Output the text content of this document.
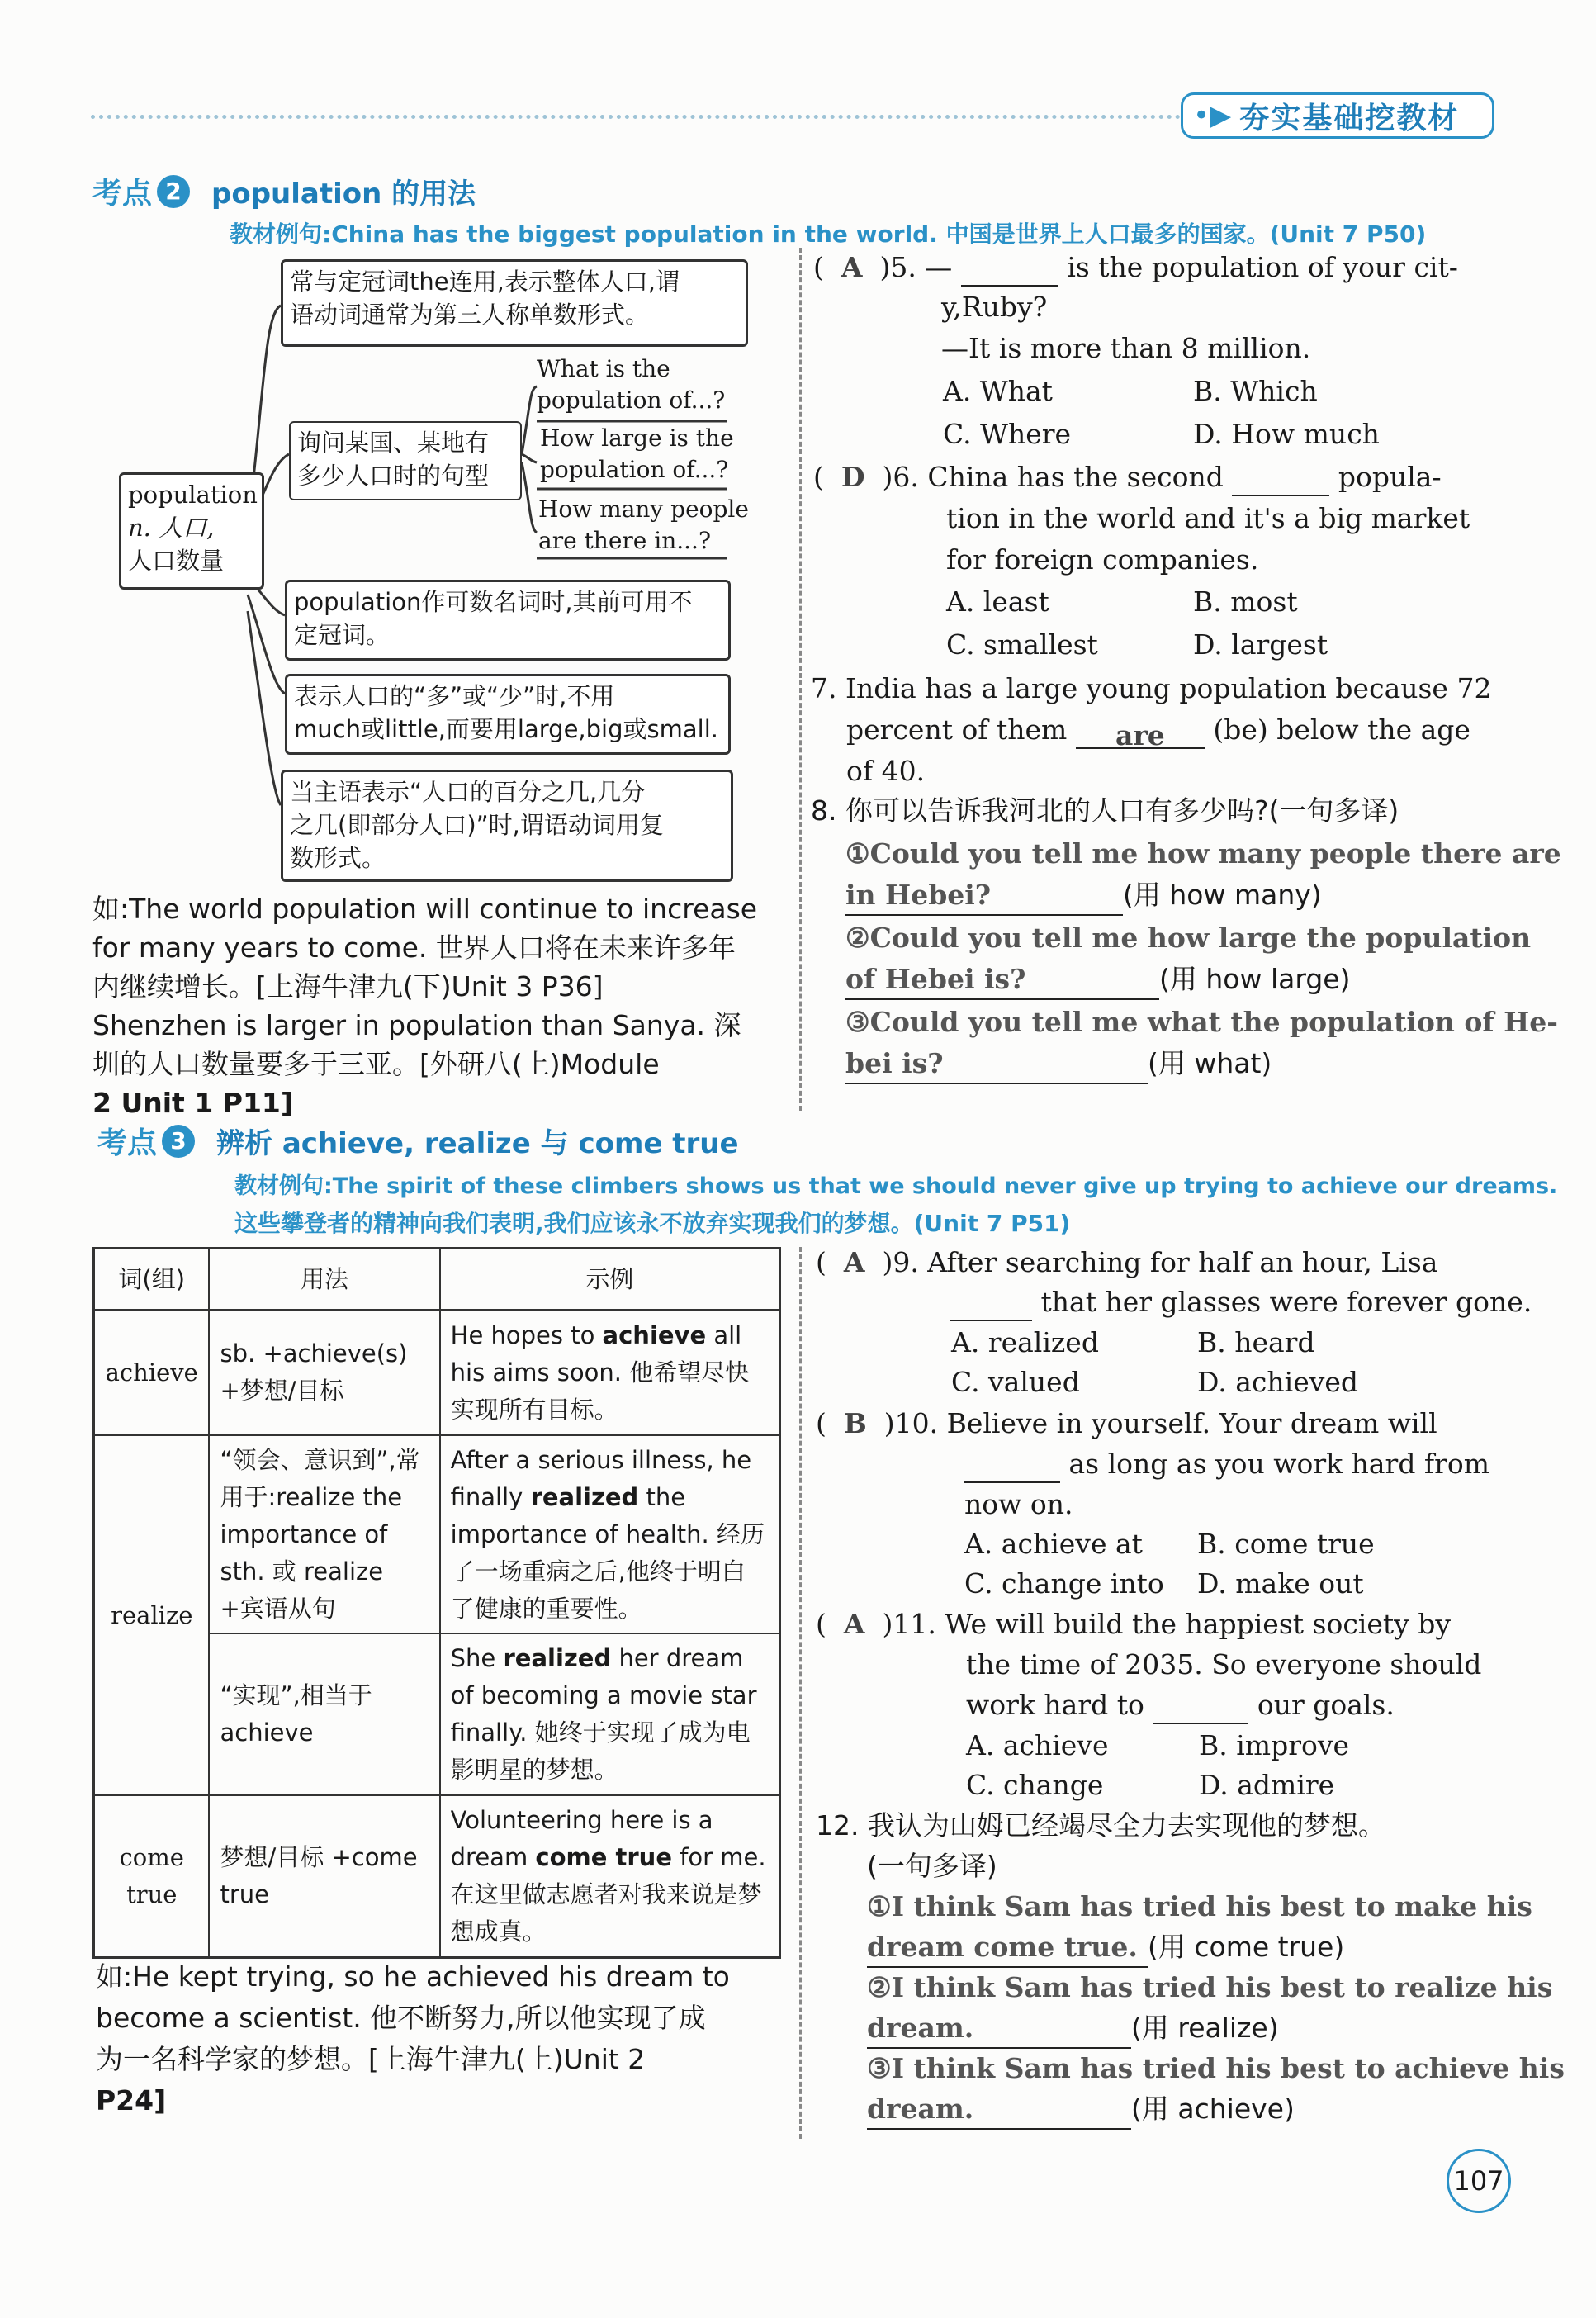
•▶ 夯实基础挖教材
考点 2	population 的用法
教材例句:China has the biggest population in the world. 中国是世界上人口最多的国家。(Unit 7 P50)
population
n. 人口,
人口数量
常与定冠词the连用,表示整体人口,谓
语动词通常为第三人称单数形式。
询问某国、某地有
多少人口时的句型
What is the
population of...?
How large is the
population of...?
How many people
are there in...?
population作可数名词时,其前可用不
定冠词。
表示人口的“多”或“少”时,不用
much或little,而要用large,big或small.
当主语表示“人口的百分之几,几分
之几(即部分人口)”时,谓语动词用复
数形式。
如:The world population will continue to increase
for many years to come. 世界人口将在未来许多年
内继续增长。[上海牛津九(下)Unit 3 P36]
Shenzhen is larger in population than Sanya. 深
圳的人口数量要多于三亚。[外研八(上)Module
2 Unit 1 P11]
(  A )5. —	is the population of your cit-
y,Ruby?
—It is more than 8 million.
A. What	B. Which
C. Where	D. How much
(  D )6. China has the second	popula-
tion in the world and it's a big market
for foreign companies.
A. least	B. most
C. smallest	D. largest
7. India has a large young population because 72
percent of them are (be) below the age
of 40.
8. 你可以告诉我河北的人口有多少吗?(一句多译)
①Could you tell me how many people there are
in Hebei?	(用 how many)
②Could you tell me how large the population
of Hebei is?	(用 how large)
③Could you tell me what the population of He-
bei is?	(用 what)
考点 3	辨析 achieve, realize 与 come true
教材例句:The spirit of these climbers shows us that we should never give up trying to achieve our dreams.
这些攀登者的精神向我们表明,我们应该永不放弃实现我们的梦想。(Unit 7 P51)
词(组)	用法	示例
achieve	sb. +achieve(s) +梦想/目标	He hopes to achieve all his aims soon. 他希望尽快实现所有目标。
realize	“领会、意识到”,常用于:realize the importance of sth. 或 realize +宾语从句	After a serious illness, he finally realized the importance of health. 经历了一场重病之后,他终于明白了健康的重要性。
	“实现”,相当于 achieve	She realized her dream of becoming a movie star finally. 她终于实现了成为电影明星的梦想。
come true	梦想/目标 +come true	Volunteering here is a dream come true for me. 在这里做志愿者对我来说是梦想成真。
如:He kept trying, so he achieved his dream to
become a scientist. 他不断努力,所以他实现了成
为一名科学家的梦想。[上海牛津九(上)Unit 2
P24]
(  A )9. After searching for half an hour, Lisa
that her glasses were forever gone.
A. realized	B. heard
C. valued	D. achieved
(  B )10. Believe in yourself. Your dream will
as long as you work hard from
now on.
A. achieve at B. come true
C. change into D. make out
(  A )11. We will build the happiest society by
the time of 2035. So everyone should
work hard to	our goals.
A. achieve	B. improve
C. change	D. admire
12. 我认为山姆已经竭尽全力去实现他的梦想。
(一句多译)
①I think Sam has tried his best to make his
dream come true. (用 come true)
②I think Sam has tried his best to realize his
dream.	(用 realize)
③I think Sam has tried his best to achieve his
dream.	(用 achieve)
107
